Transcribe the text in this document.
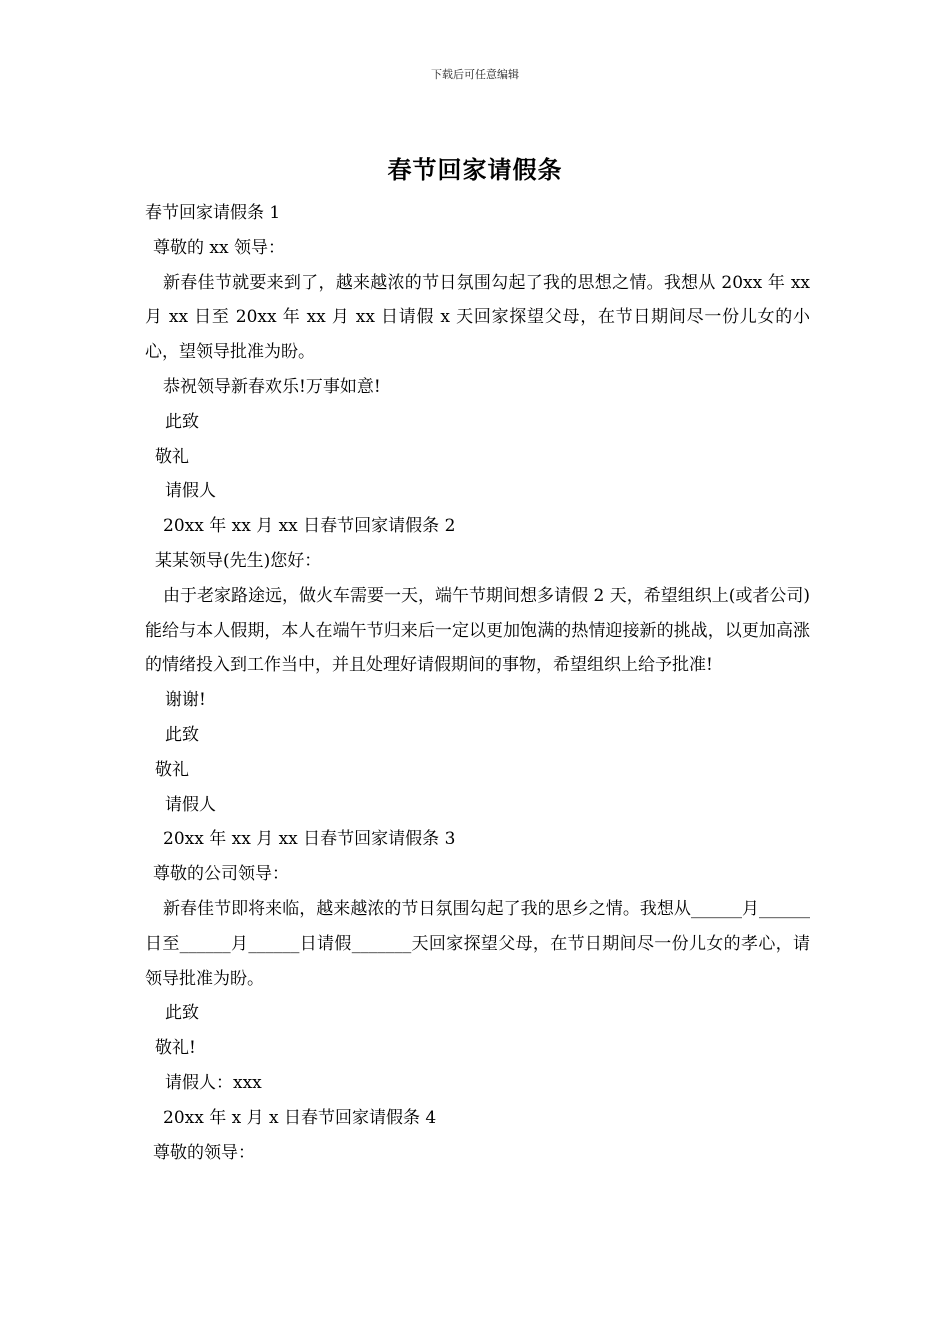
下载后可任意编辑
春节回家请假条
春节回家请假条 1
尊敬的 xx 领导：
新春佳节就要来到了，越来越浓的节日氛围勾起了我的思想之情。我想从 20xx 年 xx 月 xx 日至 20xx 年 xx 月 xx 日请假 x 天回家探望父母，在节日期间尽一份儿女的小心，望领导批准为盼。
恭祝领导新春欢乐!万事如意!
此致
敬礼
请假人
20xx 年 xx 月 xx 日春节回家请假条 2
某某领导(先生)您好：
由于老家路途远，做火车需要一天，端午节期间想多请假 2 天，希望组织上(或者公司)能给与本人假期，本人在端午节归来后一定以更加饱满的热情迎接新的挑战，以更加高涨的情绪投入到工作当中，并且处理好请假期间的事物，希望组织上给予批准!
谢谢!
此致
敬礼
请假人
20xx 年 xx 月 xx 日春节回家请假条 3
尊敬的公司领导：
新春佳节即将来临，越来越浓的节日氛围勾起了我的思乡之情。我想从______月______日至______月______日请假_______天回家探望父母，在节日期间尽一份儿女的孝心，请领导批准为盼。
此致
敬礼!
请假人：xxx
20xx 年 x 月 x 日春节回家请假条 4
尊敬的领导：
